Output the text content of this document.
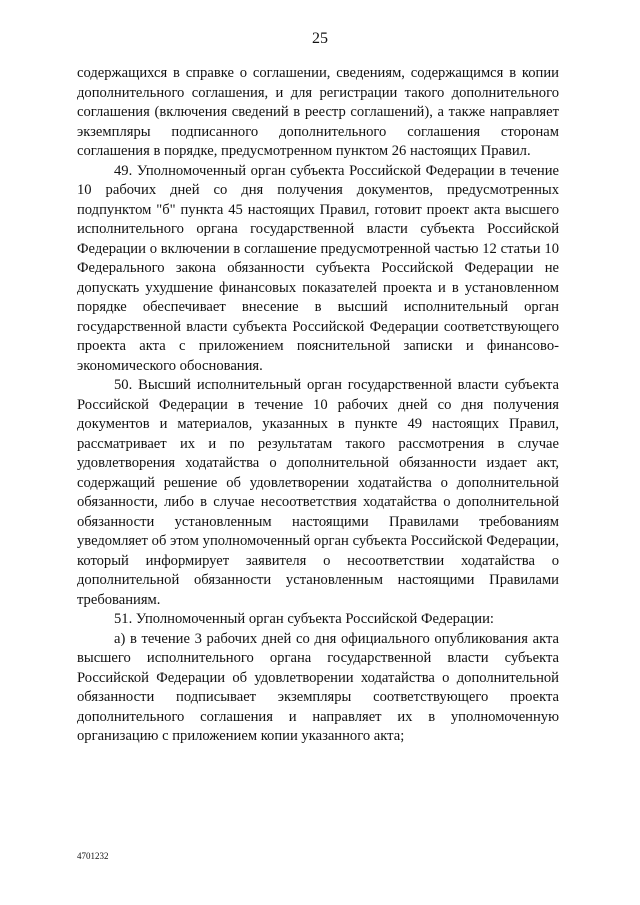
25

содержащихся в справке о соглашении, сведениям, содержащимся в копии дополнительного соглашения, и для регистрации такого дополнительного соглашения (включения сведений в реестр соглашений), а также направляет экземпляры подписанного дополнительного соглашения сторонам соглашения в порядке, предусмотренном пунктом 26 настоящих Правил.

49. Уполномоченный орган субъекта Российской Федерации в течение 10 рабочих дней со дня получения документов, предусмотренных подпунктом "б" пункта 45 настоящих Правил, готовит проект акта высшего исполнительного органа государственной власти субъекта Российской Федерации о включении в соглашение предусмотренной частью 12 статьи 10 Федерального закона обязанности субъекта Российской Федерации не допускать ухудшение финансовых показателей проекта и в установленном порядке обеспечивает внесение в высший исполнительный орган государственной власти субъекта Российской Федерации соответствующего проекта акта с приложением пояснительной записки и финансово-экономического обоснования.

50. Высший исполнительный орган государственной власти субъекта Российской Федерации в течение 10 рабочих дней со дня получения документов и материалов, указанных в пункте 49 настоящих Правил, рассматривает их и по результатам такого рассмотрения в случае удовлетворения ходатайства о дополнительной обязанности издает акт, содержащий решение об удовлетворении ходатайства о дополнительной обязанности, либо в случае несоответствия ходатайства о дополнительной обязанности установленным настоящими Правилами требованиям уведомляет об этом уполномоченный орган субъекта Российской Федерации, который информирует заявителя о несоответствии ходатайства о дополнительной обязанности установленным настоящими Правилами требованиям.

51. Уполномоченный орган субъекта Российской Федерации:

а) в течение 3 рабочих дней со дня официального опубликования акта высшего исполнительного органа государственной власти субъекта Российской Федерации об удовлетворении ходатайства о дополнительной обязанности подписывает экземпляры соответствующего проекта дополнительного соглашения и направляет их в уполномоченную организацию с приложением копии указанного акта;

4701232
